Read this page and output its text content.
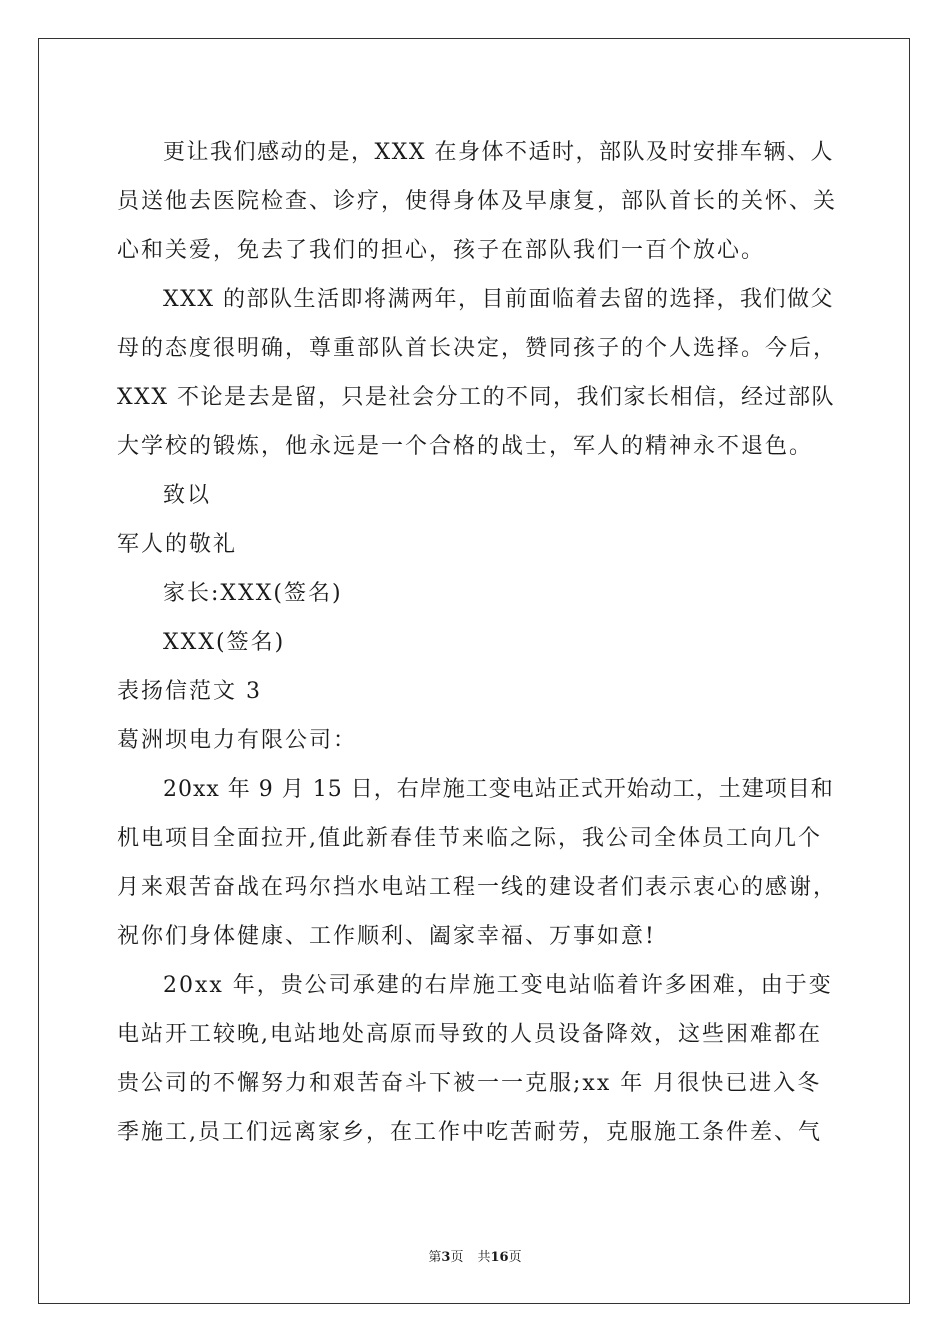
更让我们感动的是，XXX 在身体不适时，部队及时安排车辆、人
员送他去医院检查、诊疗，使得身体及早康复，部队首长的关怀、关
心和关爱，免去了我们的担心，孩子在部队我们一百个放心。
XXX 的部队生活即将满两年，目前面临着去留的选择，我们做父
母的态度很明确，尊重部队首长决定，赞同孩子的个人选择。今后，
XXX 不论是去是留，只是社会分工的不同，我们家长相信，经过部队
大学校的锻炼，他永远是一个合格的战士，军人的精神永不退色。
致以
军人的敬礼
家长:XXX(签名)
XXX(签名)
表扬信范文 3
葛洲坝电力有限公司：
20xx 年 9 月 15 日，右岸施工变电站正式开始动工，土建项目和
机电项目全面拉开,值此新春佳节来临之际，我公司全体员工向几个
月来艰苦奋战在玛尔挡水电站工程一线的建设者们表示衷心的感谢，
祝你们身体健康、工作顺利、阖家幸福、万事如意!
20xx 年，贵公司承建的右岸施工变电站临着许多困难，由于变
电站开工较晚,电站地处高原而导致的人员设备降效，这些困难都在
贵公司的不懈努力和艰苦奋斗下被一一克服;xx 年 月很快已进入冬
季施工,员工们远离家乡，在工作中吃苦耐劳，克服施工条件差、气
第3页 共16页
